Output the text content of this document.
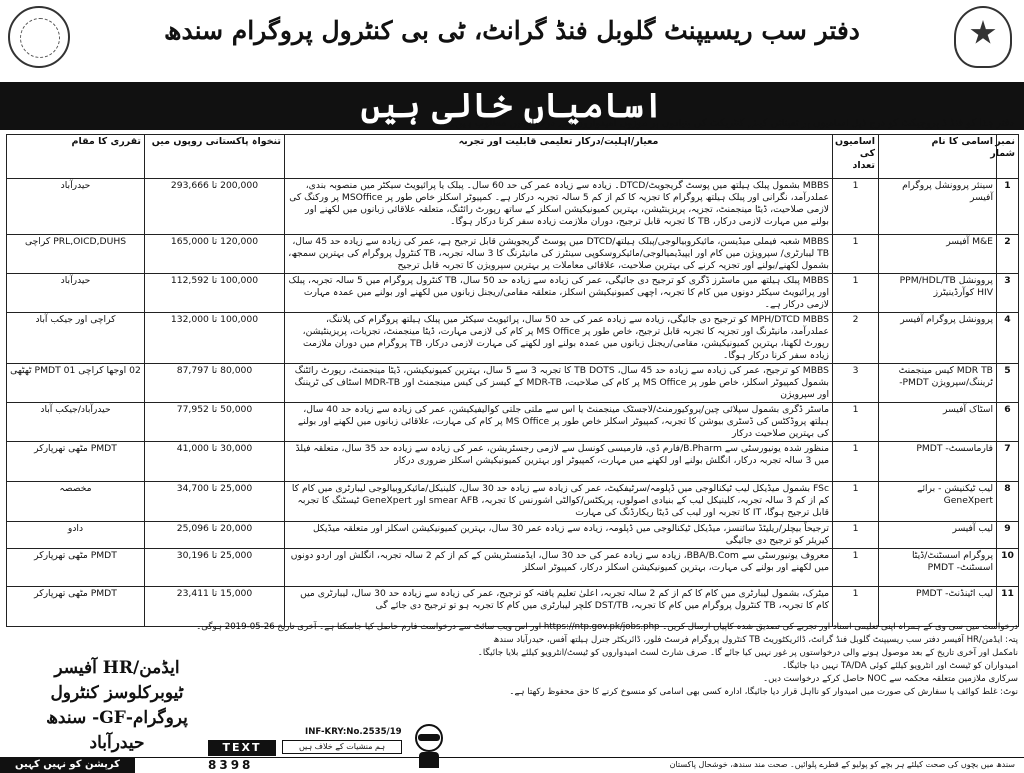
دفتر سب ریسیپنٹ گلوبل فنڈ گرانٹ، ٹی بی کنٹرول پروگرام سندھ
اسامیاں خالی ہیں
دفتر ہٰذا کو فنڈ ڈ پروجیکٹ کو درج ذیل اسامیوں پر تعیناتی کیلئے کنٹریکٹ کی بنیادوں پر موزوں امیدواروں سے درخواستیں مطلوب ہیں۔
نمبر شمار	اسامی کا نام	اسامیوں کی تعداد	معیار/اہلیت/درکار تعلیمی قابلیت اور تجربہ	تنخواہ پاکستانی روپوں میں	تقرری کا مقام
1	سینئر پروونشل پروگرام آفیسر	1	MBBS بشمول پبلک ہیلتھ میں پوسٹ گریجویٹ/DTCD۔ زیادہ سے زیادہ عمر کی حد 60 سال۔ پبلک یا پرائیویٹ سیکٹر میں منصوبہ بندی، عملدرآمد، نگرانی اور پبلک ہیلتھ پروگرام کا تجزیہ کا کم از کم 5 سالہ تجربہ درکار ہے۔ کمپیوٹر اسکلز خاص طور پر MSOffice پر ورکنگ کی لازمی صلاحیت، ڈیٹا مینجمنٹ، تجزیہ، پریزینٹیشن، بہترین کمیونیکیشن اسکلز کے ساتھ رپورٹ رائٹنگ، متعلقہ علاقائی زبانوں میں لکھنے اور بولنے میں مہارت لازمی درکار، TB کا تجربہ قابل ترجیح، دوران ملازمت زیادہ سفر کرنا درکار ہوگا۔	200,000 تا 293,666	حیدرآباد
2	M&E آفیسر	1	MBBS شعبہ فیملی میڈیسن، مائیکروبیالوجی/پبلک ہیلتھ/DTCD میں پوسٹ گریجویشن قابل ترجیح ہے، عمر کی زیادہ سے زیادہ حد 45 سال، TB لیبارٹری/ سپرویژن میں کام اور ایپیڈیمیالوجی/مائیکروسکوپی سینٹرز کی مانیٹرنگ کا 3 سالہ تجربہ، TB کنٹرول پروگرام کی بہترین سمجھ، بشمول لکھنے/بولنے اور تجزیہ کرنے کی بہترین صلاحیت، علاقائی معاملات پر بہترین سپرویژن کا تجربہ قابل ترجیح	120,000 تا 165,000	PRL,OICD,DUHS کراچی
3	پروونشل PPM/HDL/TB HIV کوآرڈینیٹرز	1	MBBS پبلک ہیلتھ میں ماسٹرز ڈگری کو ترجیح دی جائیگی، عمر کی زیادہ سے زیادہ حد 50 سال، TB کنٹرول پروگرام میں 5 سالہ تجربہ، پبلک اور پرائیویٹ سیکٹر دونوں میں کام کا تجربہ، اچھی کمیونیکیشن اسکلز، متعلقہ مقامی/ریجنل زبانوں میں لکھنے اور بولنے میں عمدہ مہارت لازمی درکار ہے۔	100,000 تا 112,592	حیدرآباد
4	پروونشل پروگرام آفیسر	2	MPH/DTCD MBBS کو ترجیح دی جائیگی، زیادہ سے زیادہ عمر کی حد 50 سال، پرائیویٹ سیکٹر میں پبلک ہیلتھ پروگرام کی پلاننگ، عملدرآمد، مانیٹرنگ اور تجزیہ کا تجربہ قابل ترجیح، خاص طور پر MS Office پر کام کی لازمی مہارت، ڈیٹا مینجمنٹ، تجزیات، پریزینٹیشن، رپورٹ لکھنا، بہترین کمیونیکیشن، مقامی/ریجنل زبانوں میں عمدہ بولنے اور لکھنے کی مہارت لازمی درکار، TB پروگرام میں دوران ملازمت زیادہ سفر کرنا درکار ہوگا۔	100,000 تا 132,000	کراچی اور جیکب آباد
5	MDR TB کیس مینجمنٹ ٹریننگ/سپرویژن PMDT-	3	MBBS کو ترجیح، عمر کی زیادہ سے زیادہ حد 45 سال، TB DOTS کا تجربہ 3 سے 5 سال، بہترین کمیونیکیشن، ڈیٹا مینجمنٹ، رپورٹ رائٹنگ بشمول کمپیوٹر اسکلز، خاص طور پر MS Office پر کام کی صلاحیت، MDR-TB کے کیسز کی کیس مینجمنٹ اور MDR-TB اسٹاف کی ٹریننگ اور سپرویژن	80,000 تا 87,797	02 اوجھا کراچی 01 PMDT ٹھٹھی
6	اسٹاک آفیسر	1	ماسٹر ڈگری بشمول سپلائی چین/پروکیورمنٹ/لاجسٹک مینجمنٹ یا اس سے ملتی جلتی کوالیفیکیشن، عمر کی زیادہ سے زیادہ حد 40 سال، ہیلتھ پروڈکٹس کی ڈسٹری بیوشن کا تجربہ، کمپیوٹر اسکلز خاص طور پر MS Office پر کام کی مہارت، علاقائی زبانوں میں لکھنے اور بولنے کی بہترین صلاحیت درکار	50,000 تا 77,952	حیدرآباد/جیکب آباد
7	فارماسسٹ- PMDT	1	منظور شدہ یونیورسٹی سے B.Pharm/فارم ڈی، فارمیسی کونسل سے لازمی رجسٹریشن، عمر کی زیادہ سے زیادہ حد 35 سال، متعلقہ فیلڈ میں 3 سالہ تجربہ درکار، انگلش بولنے اور لکھنے میں مہارت، کمپیوٹر اور بہترین کمیونیکیشن اسکلز ضروری درکار	30,000 تا 41,000	PMDT مٹھی تھرپارکر
8	لیب ٹیکنیشن - برائے GeneXpert	1	FSc بشمول میڈیکل لیب ٹیکنالوجی میں ڈپلومہ/سرٹیفکیٹ، عمر کی زیادہ سے زیادہ حد 30 سال، کلینیکل/مائیکروبیالوجی لیبارٹری میں کام کا کم از کم 3 سالہ تجربہ، کلینیکل لیب کے بنیادی اصولوں، پریکٹس/کوالٹی اشورنس کا تجربہ، smear AFB اور GeneXpert ٹیسٹنگ کا تجربہ قابل ترجیح ہوگا، IT کا تجربہ اور لیب کی ڈیٹا ریکارڈنگ کی مہارت	25,000 تا 34,700	مخصصہ
9	لیب آفیسر	1	ترجیحاً بیچلر/ریلیٹڈ سائنسز، میڈیکل ٹیکنالوجی میں ڈپلومہ، زیادہ سے زیادہ عمر 30 سال، بہترین کمیونیکیشن اسکلز اور متعلقہ میڈیکل کیریئر کو ترجیح دی جائیگی	20,000 تا 25,096	دادو
10	پروگرام اسسٹنٹ/ڈیٹا اسسٹنٹ- PMDT	1	معروف یونیورسٹی سے BBA/B.Com، زیادہ سے زیادہ عمر کی حد 30 سال، ایڈمنسٹریشن کے کم از کم 2 سالہ تجربہ، انگلش اور اردو دونوں میں لکھنے اور بولنے کی مہارت، بہترین کمیونیکیشن اسکلز درکار، کمپیوٹر اسکلز	25,000 تا 30,196	PMDT مٹھی تھرپارکر
11	لیب اٹینڈنٹ- PMDT	1	میٹرک، بشمول لیبارٹری میں کام کا کم از کم 2 سالہ تجربہ، اعلیٰ تعلیم یافتہ کو ترجیح، عمر کی زیادہ سے زیادہ حد 30 سال، لیبارٹری میں کام کا تجربہ، TB کنٹرول پروگرام میں کام کا تجربہ، DST/TB کلچر لیبارٹری میں کام کا تجربہ ہو تو ترجیح دی جائے گی	15,000 تا 23,411	PMDT مٹھی تھرپارکر

درخواست میں سی وی کے ہمراہ اپنی تعلیمی اسناد اور تجربے کی تصدیق شدہ کاپیاں ارسال کریں۔ https://ntp.gov.pk/jobs.php اور اس ویب سائٹ سے درخواست فارم حاصل کیا جاسکتا ہے۔ آخری تاریخ 26-05-2019 ہوگی۔

پتہ: ایڈمن/HR آفیسر دفتر سب ریسیپنٹ گلوبل فنڈ گرانٹ، ڈائریکٹوریٹ TB کنٹرول پروگرام فرسٹ فلور، ڈائریکٹر جنرل ہیلتھ آفس، حیدرآباد سندھ

نامکمل اور آخری تاریخ کے بعد موصول ہونے والی درخواستوں پر غور نہیں کیا جائے گا۔ صرف شارٹ لسٹ امیدواروں کو ٹیسٹ/انٹرویو کیلئے بلایا جائیگا۔

امیدواران کو ٹیسٹ اور انٹرویو کیلئے کوئی TA/DA نہیں دیا جائیگا۔

سرکاری ملازمین متعلقہ محکمہ سے NOC حاصل کرکے درخواست دیں۔

نوٹ: غلط کوائف یا سفارش کی صورت میں امیدوار کو نااہل قرار دیا جائیگا، ادارہ کسی بھی اسامی کو منسوخ کرنے کا حق محفوظ رکھتا ہے۔

ایڈمن/HR آفیسر
ٹیوبرکلوسز کنٹرول پروگرام-GF- سندھ
حیدرآباد
INF-KRY:No.2535/19
کرپشن کو نہیں کہیں
TEXT
8398
ہم منشیات کے خلاف ہیں
سندھ میں بچوں کی صحت کیلئے ہر بچے کو پولیو کے قطرے پلوائیں۔ صحت مند سندھ، خوشحال پاکستان
